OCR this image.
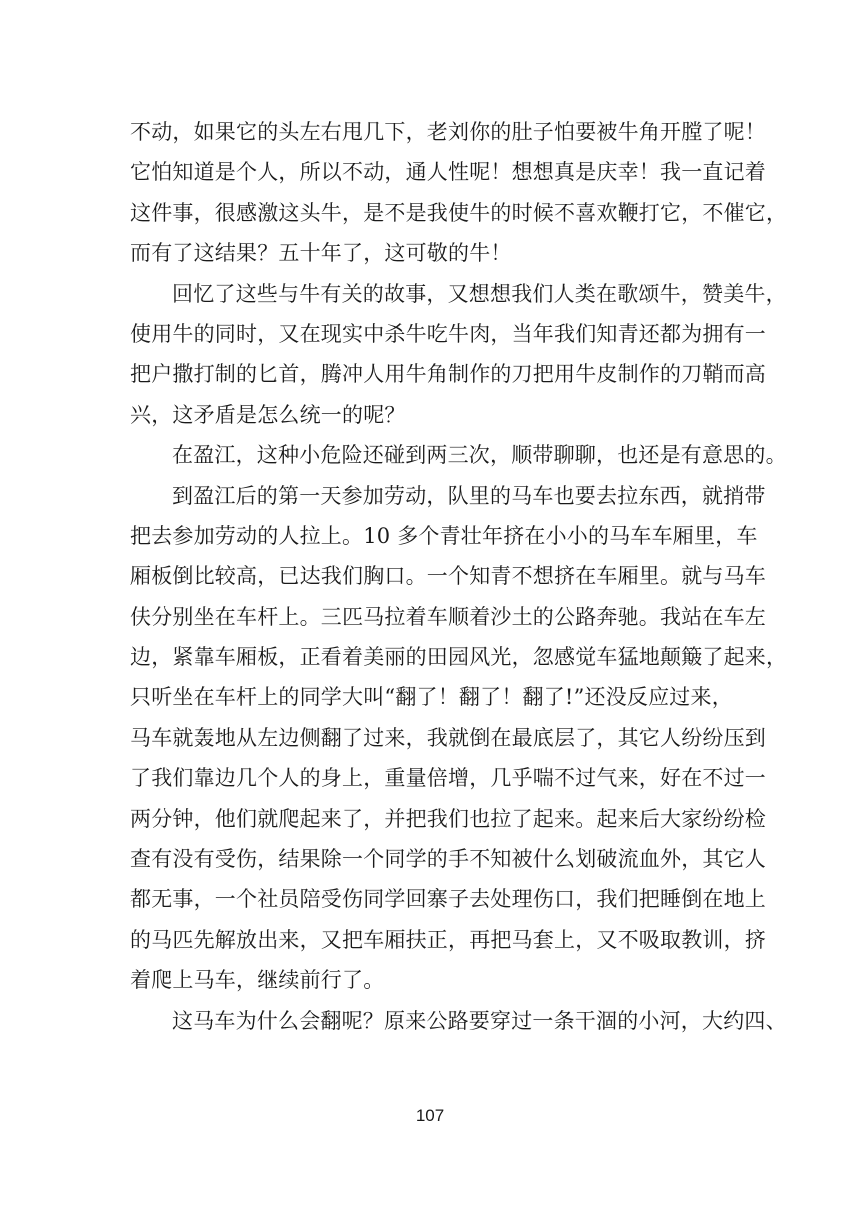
不动，如果它的头左右甩几下，老刘你的肚子怕要被牛角开膛了呢！
它怕知道是个人，所以不动，通人性呢！想想真是庆幸！我一直记着
这件事，很感激这头牛，是不是我使牛的时候不喜欢鞭打它，不催它，
而有了这结果？五十年了，这可敬的牛！
回忆了这些与牛有关的故事，又想想我们人类在歌颂牛，赞美牛，
使用牛的同时，又在现实中杀牛吃牛肉，当年我们知青还都为拥有一
把户撒打制的匕首，腾冲人用牛角制作的刀把用牛皮制作的刀鞘而高
兴，这矛盾是怎么统一的呢？
在盈江，这种小危险还碰到两三次，顺带聊聊，也还是有意思的。
到盈江后的第一天参加劳动，队里的马车也要去拉东西，就捎带
把去参加劳动的人拉上。10 多个青壮年挤在小小的马车车厢里，车
厢板倒比较高，已达我们胸口。一个知青不想挤在车厢里。就与马车
伕分别坐在车杆上。三匹马拉着车顺着沙土的公路奔驰。我站在车左
边，紧靠车厢板，正看着美丽的田园风光，忽感觉车猛地颠簸了起来，
只听坐在车杆上的同学大叫“翻了！翻了！翻了!”还没反应过来，
马车就轰地从左边侧翻了过来，我就倒在最底层了，其它人纷纷压到
了我们靠边几个人的身上，重量倍增，几乎喘不过气来，好在不过一
两分钟，他们就爬起来了，并把我们也拉了起来。起来后大家纷纷检
查有没有受伤，结果除一个同学的手不知被什么划破流血外，其它人
都无事，一个社员陪受伤同学回寨子去处理伤口，我们把睡倒在地上
的马匹先解放出来，又把车厢扶正，再把马套上，又不吸取教训，挤
着爬上马车，继续前行了。
这马车为什么会翻呢？原来公路要穿过一条干涸的小河，大约四、
107
